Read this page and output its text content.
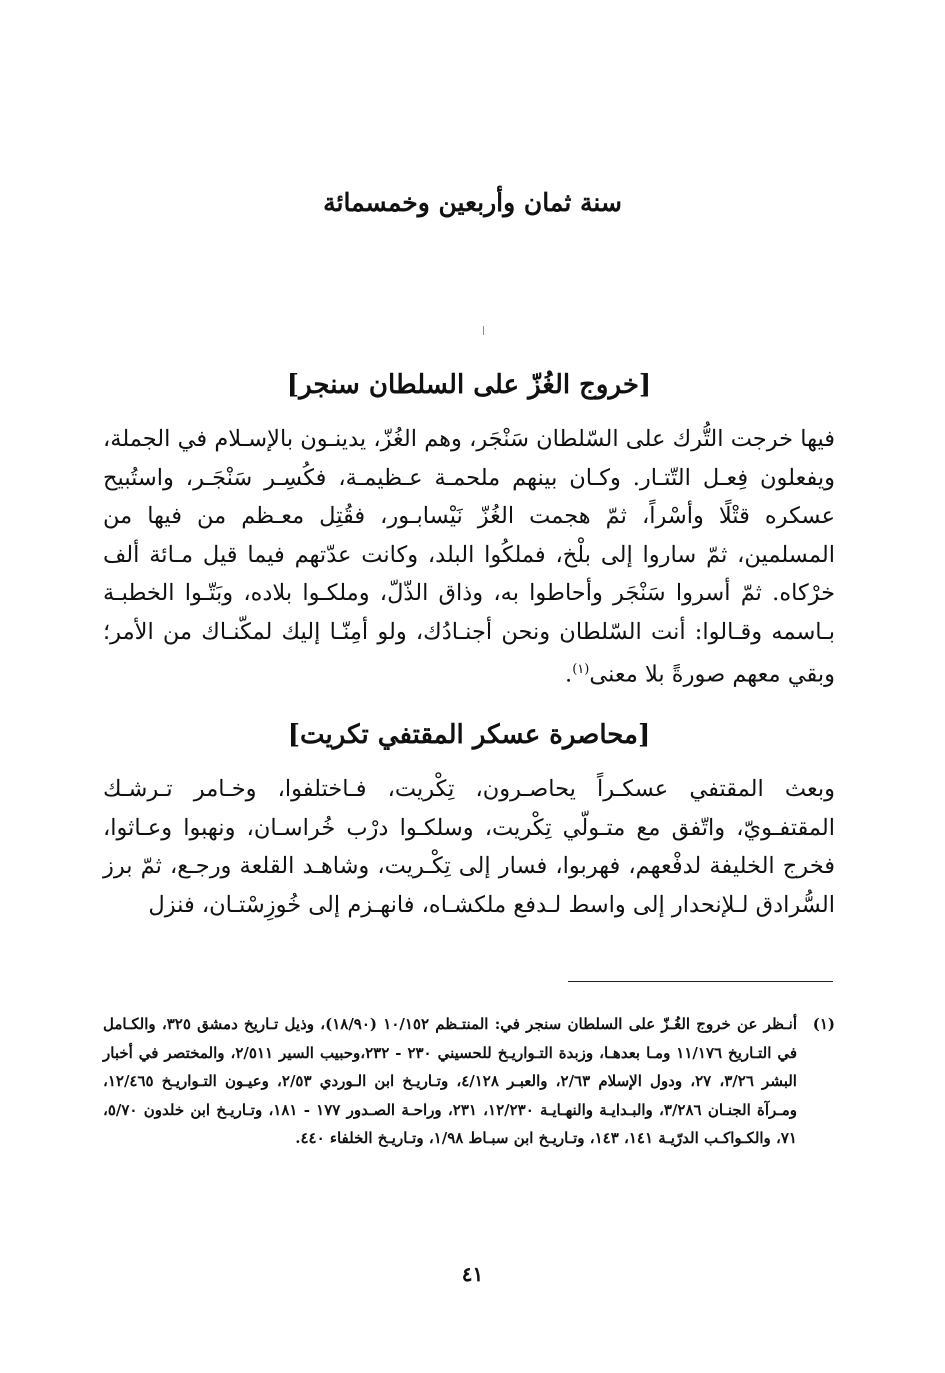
سنة ثمان وأربعين وخمسمائة
[خروج الغُزّ على السلطان سنجر]

فيها خرجت التُّرك على السّلطان سَنْجَر، وهم الغُزّ، يدينـون بالإسـلام في الجملة، ويفعلون فِعـل التّتـار. وكـان بينهم ملحمـة عـظيمـة، فكُسِـر سَنْجَـر، واستُبيح عسكره قتْلًا وأسْراً، ثمّ هجمت الغُزّ نَيْسابـور، فقُتِل معـظم من فيها من المسلمين، ثمّ ساروا إلى بلْخ، فملكُوا البلد، وكانت عدّتهم فيما قيل مـائة ألف خرْكاه. ثمّ أسروا سَنْجَر وأحاطوا به، وذاق الذّلّ، وملكـوا بلاده، وبَتّـوا الخطبـة بـاسمه وقـالوا: أنت السّلطان ونحن أجنـادُك، ولو أمِنّـا إليك لمكّنـاك من الأمر؛ وبقي معهم صورةً بلا معنى$^{(١)}$.

[محاصرة عسكر المقتفي تكريت]

وبعث المقتفي عسكـراً يحاصـرون، تِكْريت، فـاختلفوا، وخـامر تـرشـك المقتفـويّ، واتّفق مع متـولّي تِكْريت، وسلكـوا درْب خُراسـان، ونهبوا وعـاثوا، فخرج الخليفة لدفْعهم، فهربوا، فسار إلى تِكْـريت، وشاهـد القلعة ورجـع، ثمّ برز السُّرادق لـلإنحدار إلى واسط لـدفع ملكشـاه، فانهـزم إلى خُوزِسْتـان، فنزل

(١)

أنـظر عن خروج الغُـزّ على السلطان سنجر في: المنتـظم ١٠/١٥٢ (١٨/٩٠)، وذيل تـاريخ دمشق ٣٢٥، والكـامل في التـاريخ ١١/١٧٦ ومـا بعدهـا، وزبدة التـواريـخ للحسيني ٢٣٠ - ٢٣٢،وحبيب السير ٢/٥١١، والمختصر في أخبار البشر ٣/٢٦، ٢٧، ودول الإسلام ٢/٦٣، والعبـر ٤/١٢٨، وتـاريـخ ابن الـوردي ٢/٥٣، وعيـون التـواريـخ ١٢/٤٦٥، ومـرآة الجنـان ٣/٢٨٦، والبـدايـة والنهـايـة ١٢/٢٣٠، ٢٣١، وراحـة الصـدور ١٧٧ - ١٨١، وتـاريـخ ابن خلدون ٥/٧٠، ٧١، والكـواكـب الدرّيـة ١٤١، ١٤٣، وتـاريـخ ابن سبـاط ١/٩٨، وتـاريـخ الخلفاء ٤٤٠.

٤١
